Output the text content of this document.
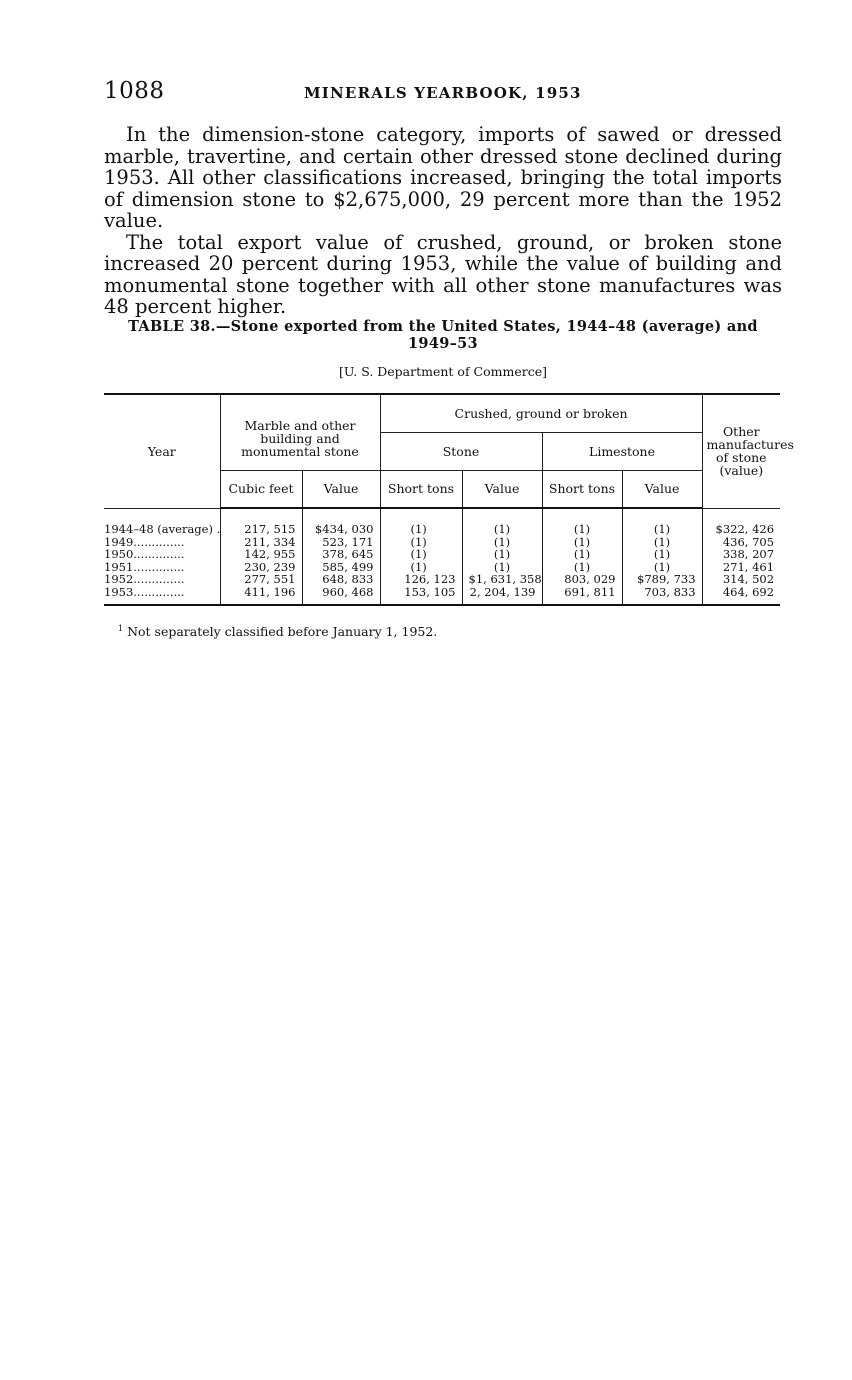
1088	MINERALS YEARBOOK, 1953

In the dimension-stone category, imports of sawed or dressed marble, travertine, and certain other dressed stone declined during 1953. All other classifications increased, bringing the total imports of dimension stone to $2,675,000, 29 percent more than the 1952 value.

The total export value of crushed, ground, or broken stone increased 20 percent during 1953, while the value of building and monumental stone together with all other stone manufactures was 48 percent higher.

TABLE 38.—Stone exported from the United States, 1944–48 (average) and
1949–53
[U. S. Department of Commerce]
Year	Marble and other building and monumental stone		Crushed, ground or broken				Other manufactures of stone (value)
			Stone		Limestone		
	Cubic feet	Value	Short tons	Value	Short tons	Value	
1944–48 (average) .	217, 515	$434, 030	(1)	(1)	(1)	(1)	$322, 426
1949..............	211, 334	523, 171	(1)	(1)	(1)	(1)	436, 705
1950..............	142, 955	378, 645	(1)	(1)	(1)	(1)	338, 207
1951..............	230, 239	585, 499	(1)	(1)	(1)	(1)	271, 461
1952..............	277, 551	648, 833	126, 123	$1, 631, 358	803, 029	$789, 733	314, 502
1953..............	411, 196	960, 468	153, 105	2, 204, 139	691, 811	703, 833	464, 692
$^1$ Not separately classified before January 1, 1952.
